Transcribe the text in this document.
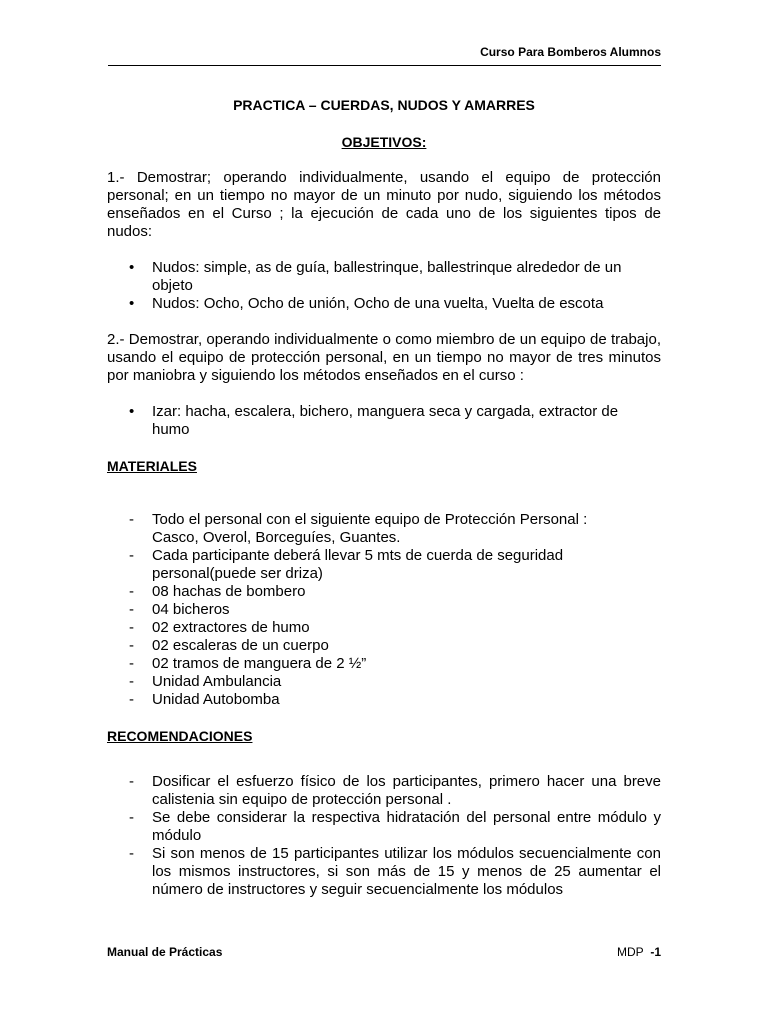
Curso Para Bomberos Alumnos
PRACTICA – CUERDAS, NUDOS Y AMARRES
OBJETIVOS:

1.- Demostrar; operando individualmente, usando el equipo de protección personal; en un tiempo no mayor de un minuto por nudo, siguiendo los métodos enseñados en el Curso ; la ejecución de cada uno de los siguientes tipos de nudos:

• Nudos: simple, as de guía, ballestrinque, ballestrinque alrededor de un objeto
• Nudos: Ocho, Ocho de unión, Ocho de una vuelta, Vuelta de escota

2.- Demostrar, operando individualmente o como miembro de un equipo de trabajo, usando el equipo de protección personal, en un tiempo no mayor de tres minutos por maniobra y siguiendo los métodos enseñados en el curso :

• Izar: hacha, escalera, bichero, manguera seca y cargada, extractor de humo
MATERIALES
- Todo el personal con el siguiente equipo de Protección Personal : Casco, Overol, Borceguíes, Guantes.
- Cada participante deberá llevar 5 mts de cuerda de seguridad personal(puede ser driza)
- 08 hachas de bombero
- 04 bicheros
- 02 extractores de humo
- 02 escaleras de un cuerpo
- 02 tramos de manguera de 2 ½”
- Unidad Ambulancia
- Unidad Autobomba
RECOMENDACIONES
- Dosificar el esfuerzo físico de los participantes, primero hacer una breve calistenia sin equipo de protección personal .
- Se debe considerar la respectiva hidratación del personal entre módulo y módulo
- Si son menos de 15 participantes utilizar los módulos secuencialmente con los mismos instructores, si son más de 15 y menos de 25 aumentar el número de instructores y seguir secuencialmente los módulos
Manual de Prácticas	MDP -1
